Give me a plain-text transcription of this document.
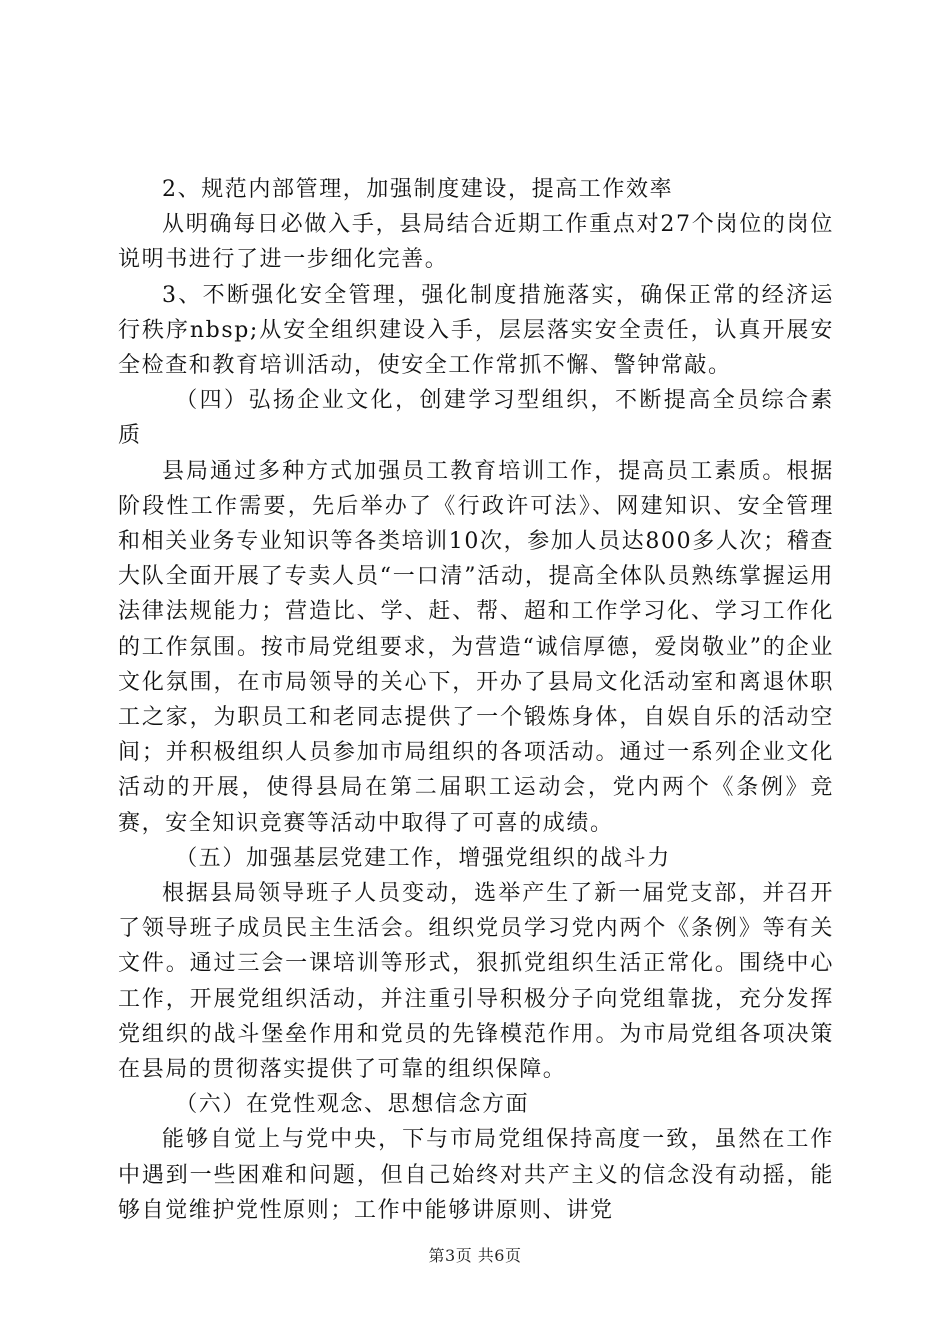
2、规范内部管理，加强制度建设，提高工作效率

从明确每日必做入手，县局结合近期工作重点对27个岗位的岗位说明书进行了进一步细化完善。

3、不断强化安全管理，强化制度措施落实，确保正常的经济运行秩序nbsp;从安全组织建设入手，层层落实安全责任，认真开展安全检查和教育培训活动，使安全工作常抓不懈、警钟常敲。

（四）弘扬企业文化，创建学习型组织，不断提高全员综合素质

县局通过多种方式加强员工教育培训工作，提高员工素质。根据阶段性工作需要，先后举办了《行政许可法》、网建知识、安全管理和相关业务专业知识等各类培训10次，参加人员达800多人次；稽查大队全面开展了专卖人员“一口清”活动，提高全体队员熟练掌握运用法律法规能力；营造比、学、赶、帮、超和工作学习化、学习工作化的工作氛围。按市局党组要求，为营造“诚信厚德，爱岗敬业”的企业文化氛围，在市局领导的关心下，开办了县局文化活动室和离退休职工之家，为职员工和老同志提供了一个锻炼身体，自娱自乐的活动空间；并积极组织人员参加市局组织的各项活动。通过一系列企业文化活动的开展，使得县局在第二届职工运动会，党内两个《条例》竞赛，安全知识竞赛等活动中取得了可喜的成绩。

（五）加强基层党建工作，增强党组织的战斗力

根据县局领导班子人员变动，选举产生了新一届党支部，并召开了领导班子成员民主生活会。组织党员学习党内两个《条例》等有关文件。通过三会一课培训等形式，狠抓党组织生活正常化。围绕中心工作，开展党组织活动，并注重引导积极分子向党组靠拢，充分发挥党组织的战斗堡垒作用和党员的先锋模范作用。为市局党组各项决策在县局的贯彻落实提供了可靠的组织保障。

（六）在党性观念、思想信念方面

能够自觉上与党中央，下与市局党组保持高度一致，虽然在工作中遇到一些困难和问题，但自己始终对共产主义的信念没有动摇，能够自觉维护党性原则；工作中能够讲原则、讲党

第3页 共6页
